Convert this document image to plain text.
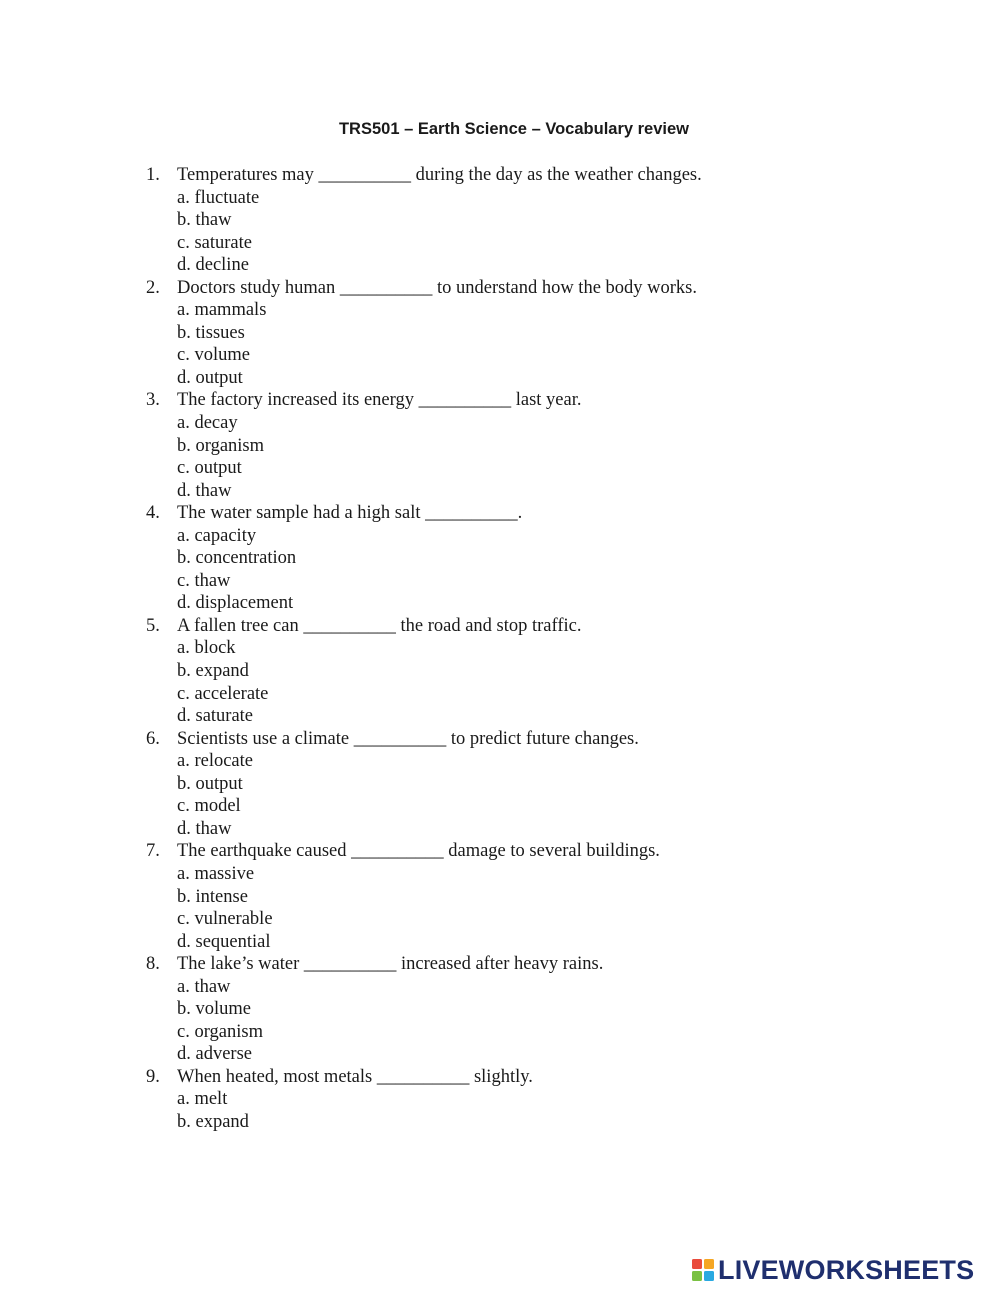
TRS501 – Earth Science – Vocabulary review
1. Temperatures may __________ during the day as the weather changes.
a. fluctuate
b. thaw
c. saturate
d. decline
2. Doctors study human __________ to understand how the body works.
a. mammals
b. tissues
c. volume
d. output
3. The factory increased its energy __________ last year.
a. decay
b. organism
c. output
d. thaw
4. The water sample had a high salt __________.
a. capacity
b. concentration
c. thaw
d. displacement
5. A fallen tree can __________ the road and stop traffic.
a. block
b. expand
c. accelerate
d. saturate
6. Scientists use a climate __________ to predict future changes.
a. relocate
b. output
c. model
d. thaw
7. The earthquake caused __________ damage to several buildings.
a. massive
b. intense
c. vulnerable
d. sequential
8. The lake’s water __________ increased after heavy rains.
a. thaw
b. volume
c. organism
d. adverse
9. When heated, most metals __________ slightly.
a. melt
b. expand
LIVEWORKSHEETS
